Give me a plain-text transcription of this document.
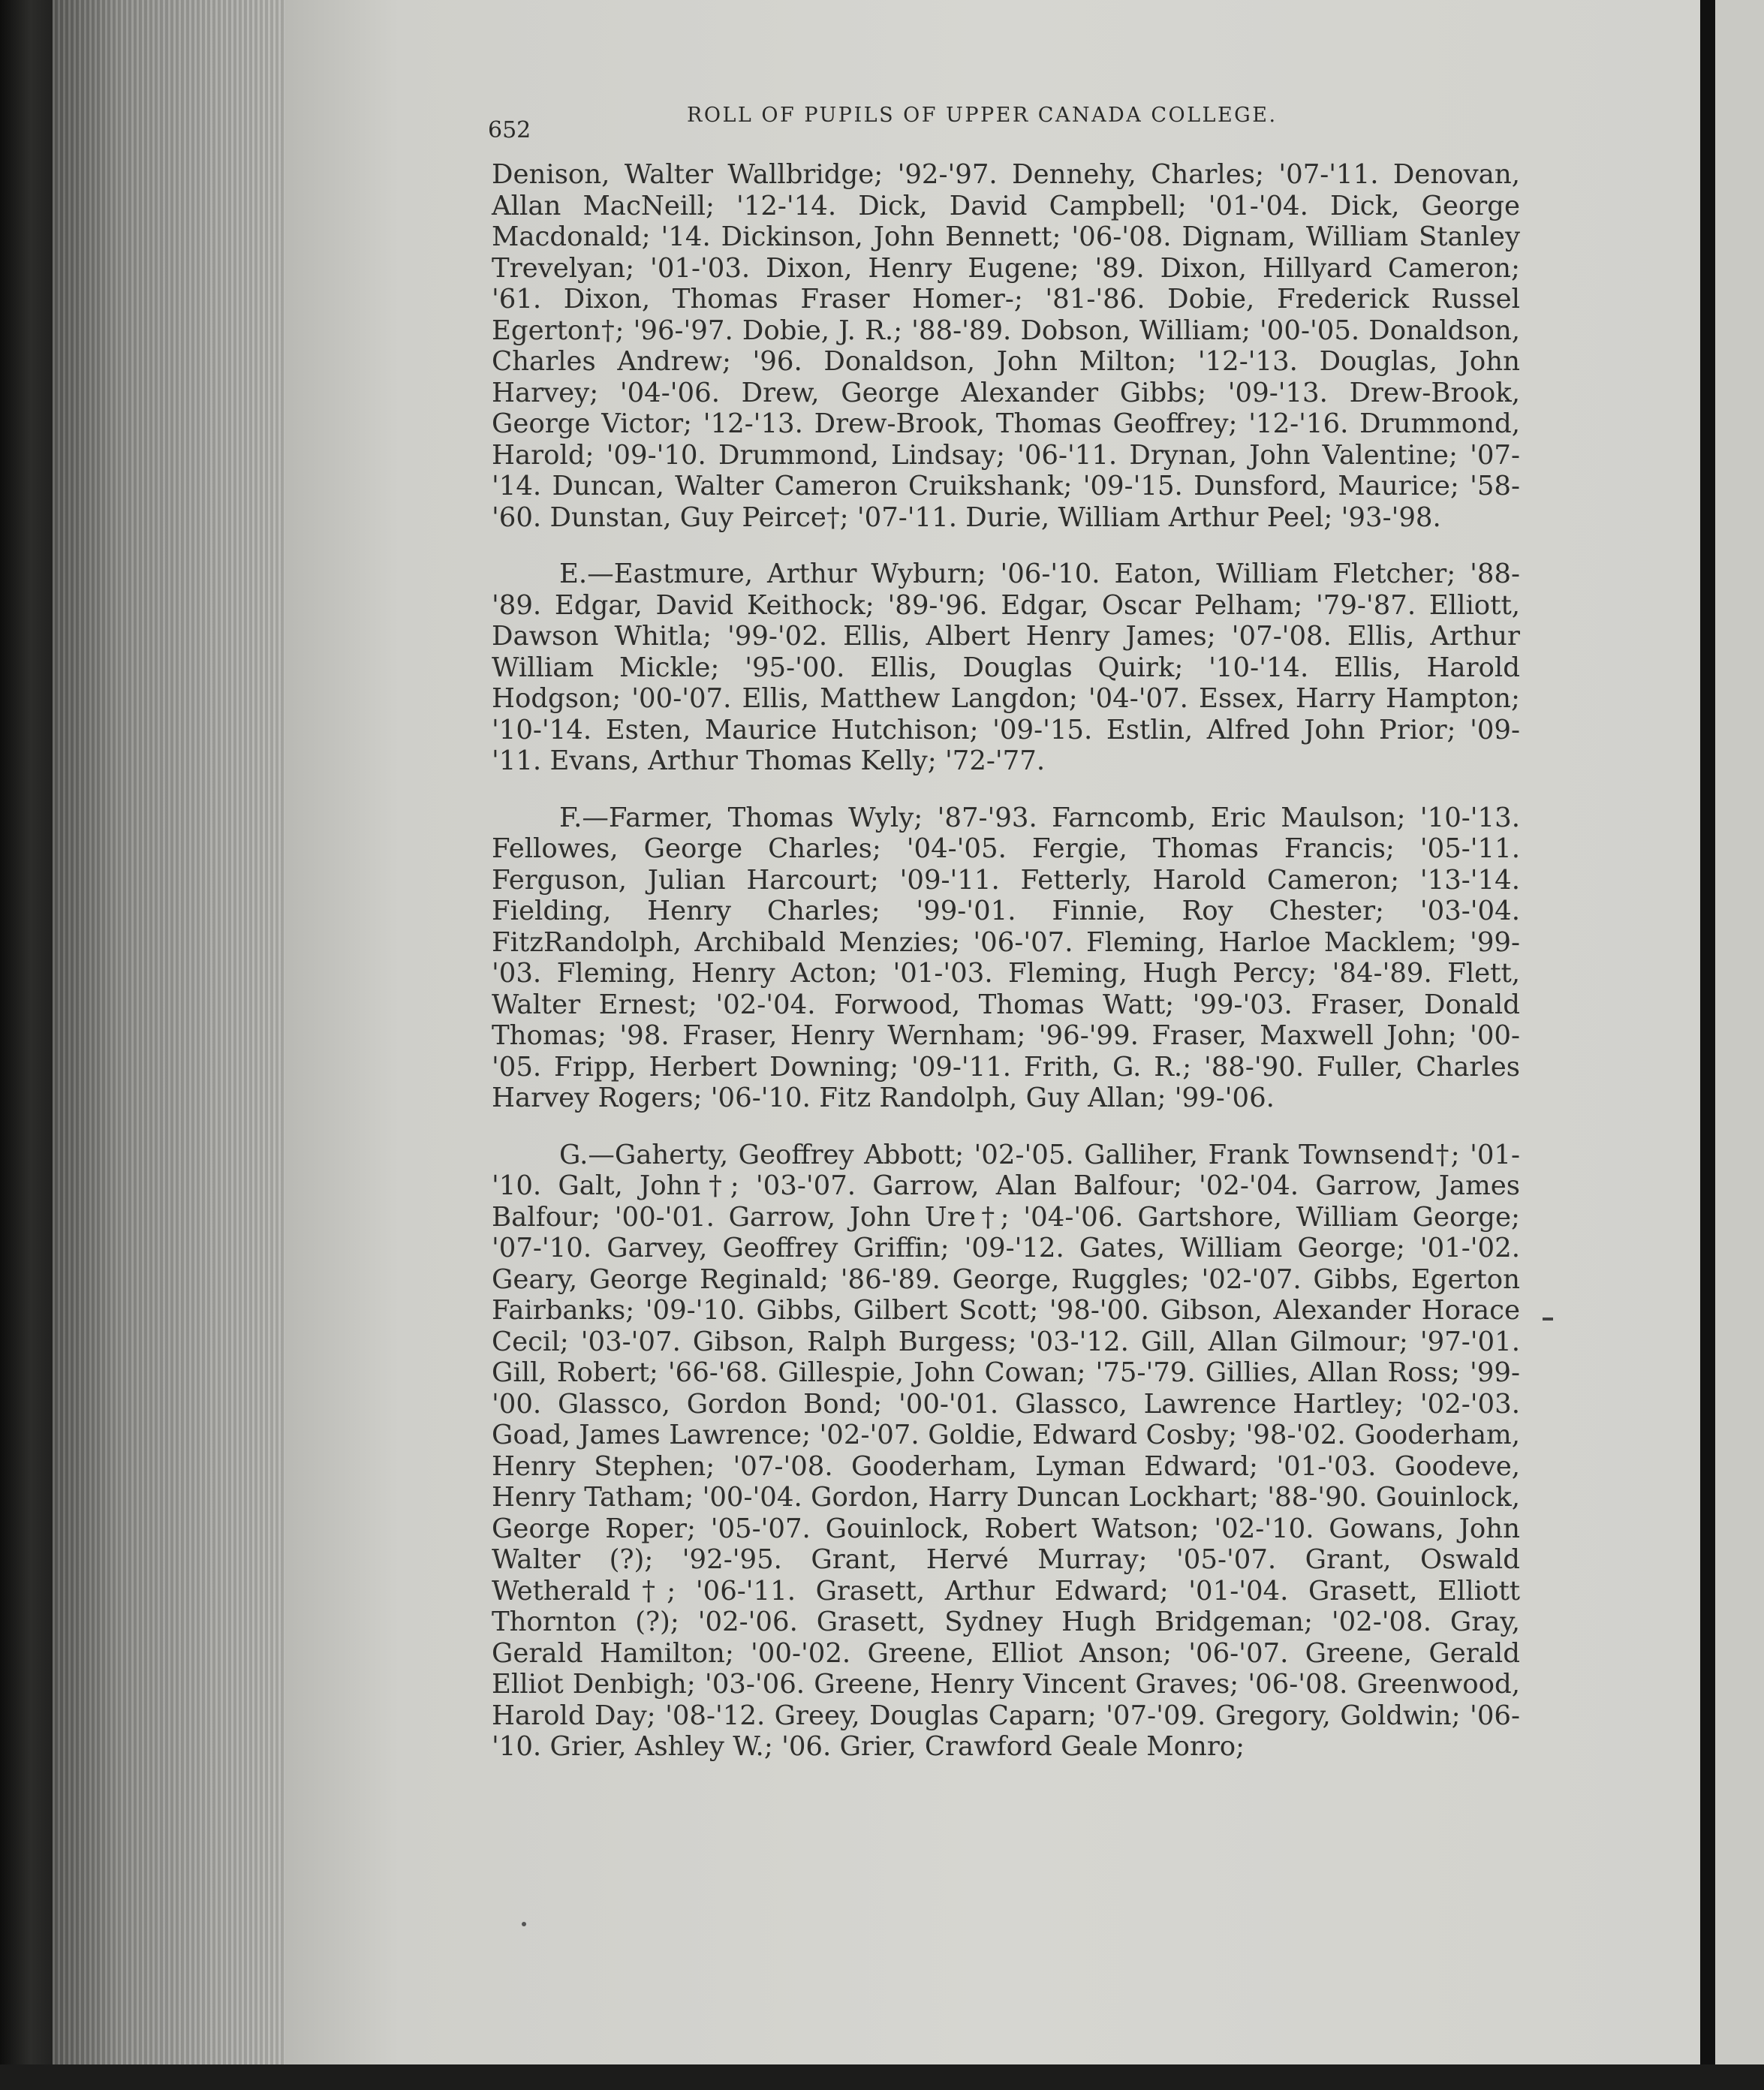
652
ROLL OF PUPILS OF UPPER CANADA COLLEGE.

Denison, Walter Wallbridge; '92-'97. Dennehy, Charles; '07-'11. Denovan, Allan MacNeill; '12-'14. Dick, David Campbell; '01-'04. Dick, George Macdonald; '14. Dickinson, John Bennett; '06-'08. Dignam, William Stanley Trevelyan; '01-'03. Dixon, Henry Eugene; '89. Dixon, Hillyard Cameron; '61. Dixon, Thomas Fraser Homer-; '81-'86. Dobie, Frederick Russel Egerton†; '96-'97. Dobie, J. R.; '88-'89. Dobson, William; '00-'05. Donaldson, Charles Andrew; '96. Donaldson, John Milton; '12-'13. Douglas, John Harvey; '04-'06. Drew, George Alexander Gibbs; '09-'13. Drew-Brook, George Victor; '12-'13. Drew-Brook, Thomas Geoffrey; '12-'16. Drummond, Harold; '09-'10. Drummond, Lindsay; '06-'11. Drynan, John Valentine; '07-'14. Duncan, Walter Cameron Cruikshank; '09-'15. Dunsford, Maurice; '58-'60. Dunstan, Guy Peirce†; '07-'11. Durie, William Arthur Peel; '93-'98.

E.—Eastmure, Arthur Wyburn; '06-'10. Eaton, William Fletcher; '88-'89. Edgar, David Keithock; '89-'96. Edgar, Oscar Pelham; '79-'87. Elliott, Dawson Whitla; '99-'02. Ellis, Albert Henry James; '07-'08. Ellis, Arthur William Mickle; '95-'00. Ellis, Douglas Quirk; '10-'14. Ellis, Harold Hodgson; '00-'07. Ellis, Matthew Langdon; '04-'07. Essex, Harry Hampton; '10-'14. Esten, Maurice Hutchison; '09-'15. Estlin, Alfred John Prior; '09-'11. Evans, Arthur Thomas Kelly; '72-'77.

F.—Farmer, Thomas Wyly; '87-'93. Farncomb, Eric Maulson; '10-'13. Fellowes, George Charles; '04-'05. Fergie, Thomas Francis; '05-'11. Ferguson, Julian Harcourt; '09-'11. Fetterly, Harold Cameron; '13-'14. Fielding, Henry Charles; '99-'01. Finnie, Roy Chester; '03-'04. FitzRandolph, Archibald Menzies; '06-'07. Fleming, Harloe Macklem; '99-'03. Fleming, Henry Acton; '01-'03. Fleming, Hugh Percy; '84-'89. Flett, Walter Ernest; '02-'04. Forwood, Thomas Watt; '99-'03. Fraser, Donald Thomas; '98. Fraser, Henry Wernham; '96-'99. Fraser, Maxwell John; '00-'05. Fripp, Herbert Downing; '09-'11. Frith, G. R.; '88-'90. Fuller, Charles Harvey Rogers; '06-'10. Fitz Randolph, Guy Allan; '99-'06.

G.—Gaherty, Geoffrey Abbott; '02-'05. Galliher, Frank Townsend†; '01-'10. Galt, John†; '03-'07. Garrow, Alan Balfour; '02-'04. Garrow, James Balfour; '00-'01. Garrow, John Ure†; '04-'06. Gartshore, William George; '07-'10. Garvey, Geoffrey Griffin; '09-'12. Gates, William George; '01-'02. Geary, George Reginald; '86-'89. George, Ruggles; '02-'07. Gibbs, Egerton Fairbanks; '09-'10. Gibbs, Gilbert Scott; '98-'00. Gibson, Alexander Horace Cecil; '03-'07. Gibson, Ralph Burgess; '03-'12. Gill, Allan Gilmour; '97-'01. Gill, Robert; '66-'68. Gillespie, John Cowan; '75-'79. Gillies, Allan Ross; '99-'00. Glassco, Gordon Bond; '00-'01. Glassco, Lawrence Hartley; '02-'03. Goad, James Lawrence; '02-'07. Goldie, Edward Cosby; '98-'02. Gooderham, Henry Stephen; '07-'08. Gooderham, Lyman Edward; '01-'03. Goodeve, Henry Tatham; '00-'04. Gordon, Harry Duncan Lockhart; '88-'90. Gouinlock, George Roper; '05-'07. Gouinlock, Robert Watson; '02-'10. Gowans, John Walter (?); '92-'95. Grant, Hervé Murray; '05-'07. Grant, Oswald Wetherald†; '06-'11. Grasett, Arthur Edward; '01-'04. Grasett, Elliott Thornton (?); '02-'06. Grasett, Sydney Hugh Bridgeman; '02-'08. Gray, Gerald Hamilton; '00-'02. Greene, Elliot Anson; '06-'07. Greene, Gerald Elliot Denbigh; '03-'06. Greene, Henry Vincent Graves; '06-'08. Greenwood, Harold Day; '08-'12. Greey, Douglas Caparn; '07-'09. Gregory, Goldwin; '06-'10. Grier, Ashley W.; '06. Grier, Crawford Geale Monro;
